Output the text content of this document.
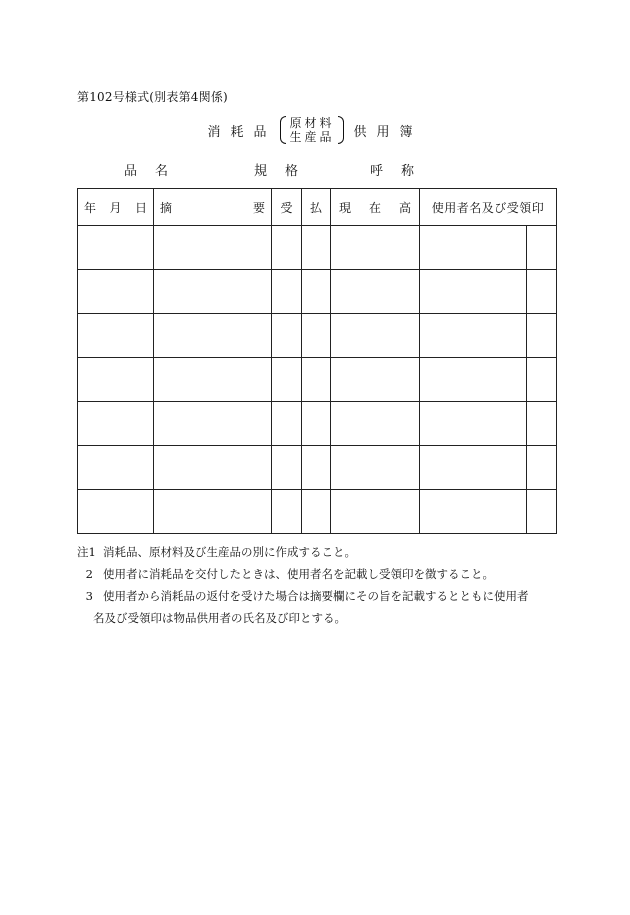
第102号様式(別表第4関係)
消耗品
原材料
生産品 供用簿
品名	規格	呼称
年 月 日	摘 要	受	払	現 在 高	使用者名及び受領印	

注1 消耗品、原材料及び生産品の別に作成すること。
2 使用者に消耗品を交付したときは、使用者名を記載し受領印を徴すること。
3 使用者から消耗品の返付を受けた場合は摘要欄にその旨を記載するとともに使用者
名及び受領印は物品供用者の氏名及び印とする。
